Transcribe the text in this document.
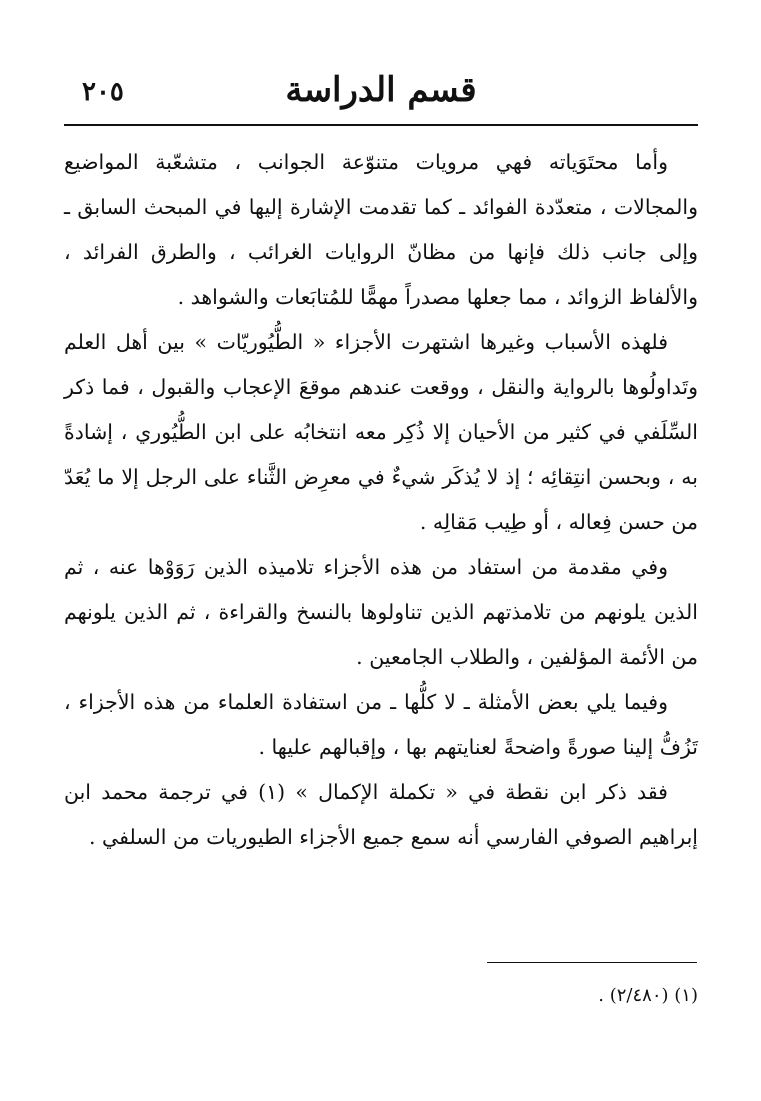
قسم الدراسة
٢٠٥

وأما محتَوَياته فهي مرويات متنوّعة الجوانب ، متشعّبة المواضيع والمجالات ، متعدّدة الفوائد ـ كما تقدمت الإشارة إليها في المبحث السابق ـ وإلى جانب ذلك فإنها من مظانّ الروايات الغرائب ، والطرق الفرائد ، والألفاظ الزوائد ، مما جعلها مصدراً مهمًّا للمُتابَعات والشواهد .

فلهذه الأسباب وغيرها اشتهرت الأجزاء « الطُّيُوريّات » بين أهل العلم وتَداولُوها بالرواية والنقل ، ووقعت عندهم موقعَ الإعجاب والقبول ، فما ذكر السِّلَفي في كثير من الأحيان إلا ذُكِر معه انتخابُه على ابن الطُّيُوري ، إشادةً به ، وبحسن انتِقائِه ؛ إذ لا يُذكَر شيءٌ في معرِض الثَّناء على الرجل إلا ما يُعَدّ من حسن فِعاله ، أو طِيب مَقالِه .

وفي مقدمة من استفاد من هذه الأجزاء تلاميذه الذين رَوَوْها عنه ، ثم الذين يلونهم من تلامذتهم الذين تناولوها بالنسخ والقراءة ، ثم الذين يلونهم من الأئمة المؤلفين ، والطلاب الجامعين .

وفيما يلي بعض الأمثلة ـ لا كلُّها ـ من استفادة العلماء من هذه الأجزاء ، تَزُفُّ إلينا صورةً واضحةً لعنايتهم بها ، وإقبالهم عليها .

فقد ذكر ابن نقطة في « تكملة الإكمال » (١) في ترجمة محمد ابن إبراهيم الصوفي الفارسي أنه سمع جميع الأجزاء الطيوريات من السلفي .

(١) (٢/٤٨٠) .
